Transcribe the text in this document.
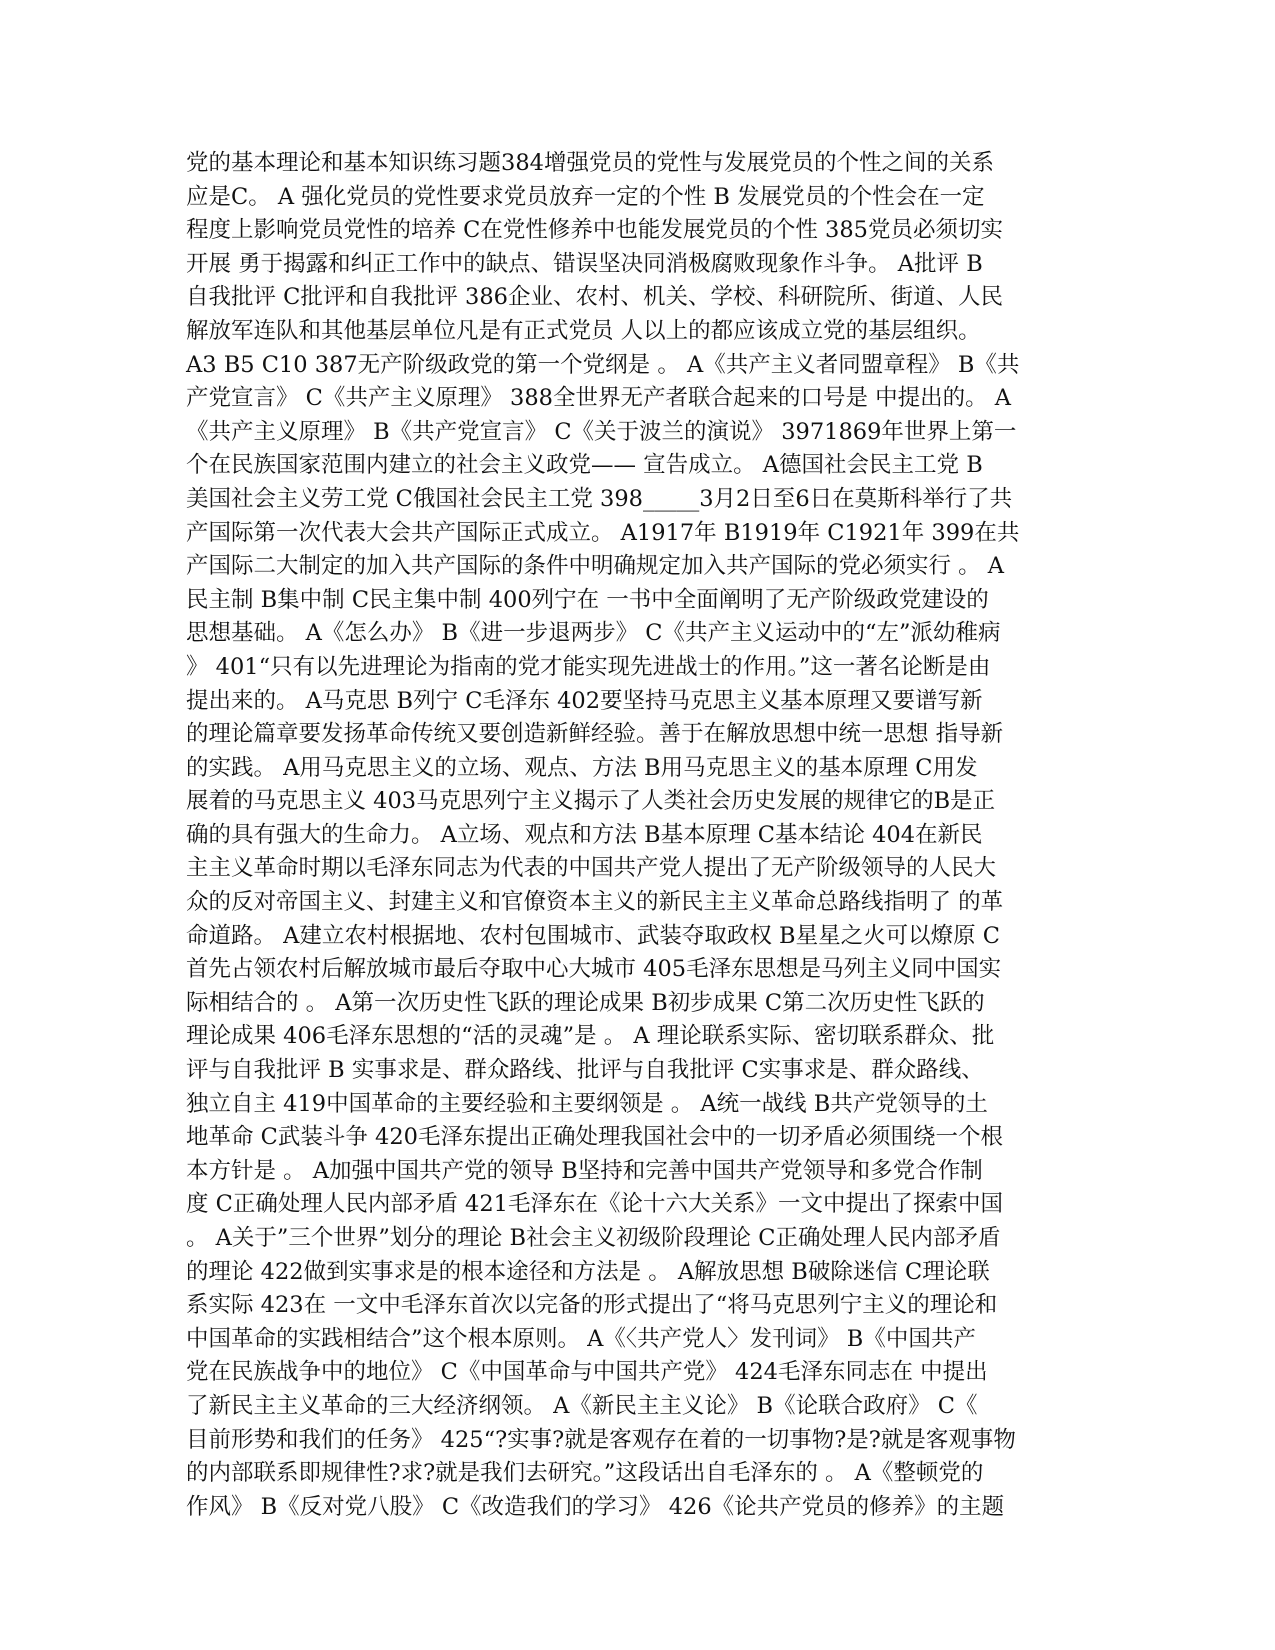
党的基本理论和基本知识练习题384增强党员的党性与发展党员的个性之间的关系
应是C。 A 强化党员的党性要求党员放弃一定的个性 B 发展党员的个性会在一定
程度上影响党员党性的培养 C在党性修养中也能发展党员的个性 385党员必须切实
开展 勇于揭露和纠正工作中的缺点、错误坚决同消极腐败现象作斗争。 A批评 B
自我批评 C批评和自我批评 386企业、农村、机关、学校、科研院所、街道、人民
解放军连队和其他基层单位凡是有正式党员 人以上的都应该成立党的基层组织。
A3 B5 C10 387无产阶级政党的第一个党纲是 。 A《共产主义者同盟章程》 B《共
产党宣言》 C《共产主义原理》 388全世界无产者联合起来的口号是 中提出的。 A
《共产主义原理》 B《共产党宣言》 C《关于波兰的演说》 3971869年世界上第一
个在民族国家范围内建立的社会主义政党—— 宣告成立。 A德国社会民主工党 B
美国社会主义劳工党 C俄国社会民主工党 398_____3月2日至6日在莫斯科举行了共
产国际第一次代表大会共产国际正式成立。 A1917年 B1919年 C1921年 399在共
产国际二大制定的加入共产国际的条件中明确规定加入共产国际的党必须实行 。 A
民主制 B集中制 C民主集中制 400列宁在 一书中全面阐明了无产阶级政党建设的
思想基础。 A《怎么办》 B《进一步退两步》 C《共产主义运动中的“左”派幼稚病
》 401“只有以先进理论为指南的党才能实现先进战士的作用。”这一著名论断是由
提出来的。 A马克思 B列宁 C毛泽东 402要坚持马克思主义基本原理又要谱写新
的理论篇章要发扬革命传统又要创造新鲜经验。善于在解放思想中统一思想 指导新
的实践。 A用马克思主义的立场、观点、方法 B用马克思主义的基本原理 C用发
展着的马克思主义 403马克思列宁主义揭示了人类社会历史发展的规律它的B是正
确的具有强大的生命力。 A立场、观点和方法 B基本原理 C基本结论 404在新民
主主义革命时期以毛泽东同志为代表的中国共产党人提出了无产阶级领导的人民大
众的反对帝国主义、封建主义和官僚资本主义的新民主主义革命总路线指明了 的革
命道路。 A建立农村根据地、农村包围城市、武装夺取政权 B星星之火可以燎原 C
首先占领农村后解放城市最后夺取中心大城市 405毛泽东思想是马列主义同中国实
际相结合的 。 A第一次历史性飞跃的理论成果 B初步成果 C第二次历史性飞跃的
理论成果 406毛泽东思想的“活的灵魂”是 。 A 理论联系实际、密切联系群众、批
评与自我批评 B 实事求是、群众路线、批评与自我批评 C实事求是、群众路线、
独立自主 419中国革命的主要经验和主要纲领是 。 A统一战线 B共产党领导的土
地革命 C武装斗争 420毛泽东提出正确处理我国社会中的一切矛盾必须围绕一个根
本方针是 。 A加强中国共产党的领导 B坚持和完善中国共产党领导和多党合作制
度 C正确处理人民内部矛盾 421毛泽东在《论十六大关系》一文中提出了探索中国
。 A关于”三个世界”划分的理论 B社会主义初级阶段理论 C正确处理人民内部矛盾
的理论 422做到实事求是的根本途径和方法是 。 A解放思想 B破除迷信 C理论联
系实际 423在 一文中毛泽东首次以完备的形式提出了“将马克思列宁主义的理论和
中国革命的实践相结合”这个根本原则。 A《〈共产党人〉发刊词》 B《中国共产
党在民族战争中的地位》 C《中国革命与中国共产党》 424毛泽东同志在 中提出
了新民主主义革命的三大经济纲领。 A《新民主主义论》 B《论联合政府》 C《
目前形势和我们的任务》 425“?实事?就是客观存在着的一切事物?是?就是客观事物
的内部联系即规律性?求?就是我们去研究。”这段话出自毛泽东的 。 A《整顿党的
作风》 B《反对党八股》 C《改造我们的学习》 426《论共产党员的修养》的主题
